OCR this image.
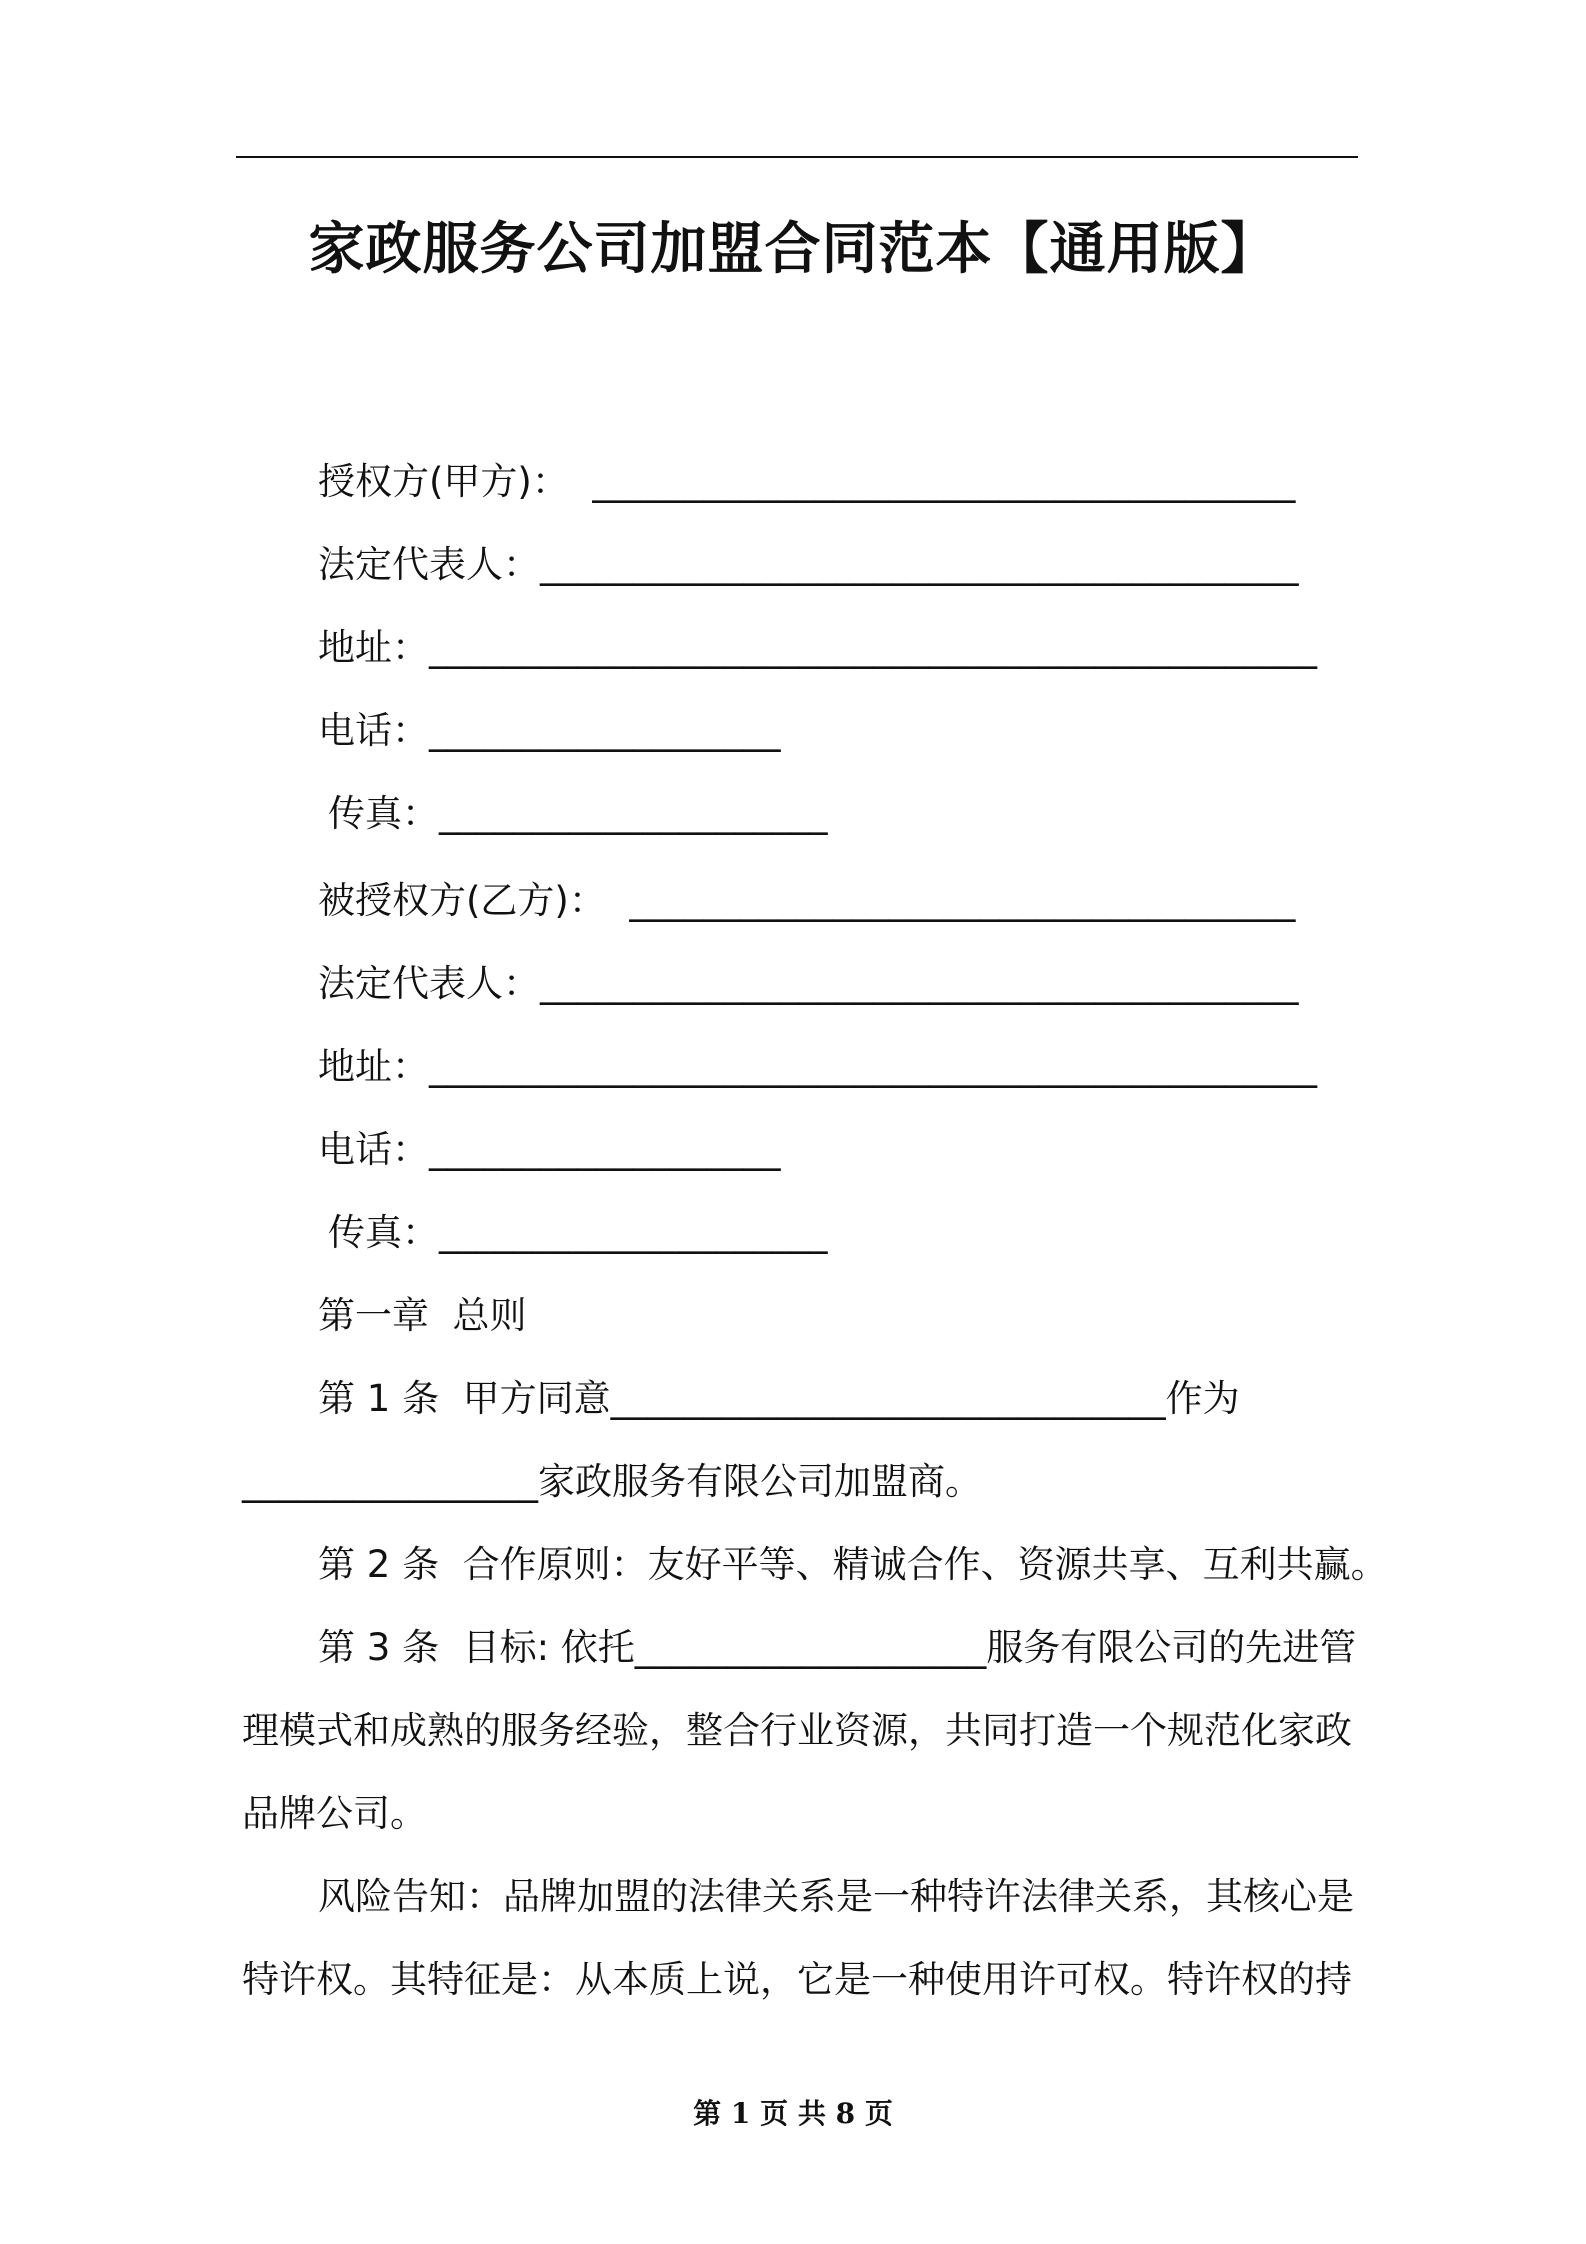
家政服务公司加盟合同范本【通用版】
授权方(甲方)：  ______________________________________
法定代表人：_________________________________________
地址：________________________________________________
电话：___________________
传真：_____________________
被授权方(乙方)：  ____________________________________
法定代表人：_________________________________________
地址：________________________________________________
电话：___________________
传真：_____________________
第一章  总则
第 1 条  甲方同意______________________________作为
________________家政服务有限公司加盟商。
第 2 条  合作原则：友好平等、精诚合作、资源共享、互利共赢。
第 3 条  目标: 依托___________________服务有限公司的先进管
理模式和成熟的服务经验，整合行业资源，共同打造一个规范化家政
品牌公司。
风险告知：品牌加盟的法律关系是一种特许法律关系，其核心是
特许权。其特征是：从本质上说，它是一种使用许可权。特许权的持
第 1 页 共 8 页
